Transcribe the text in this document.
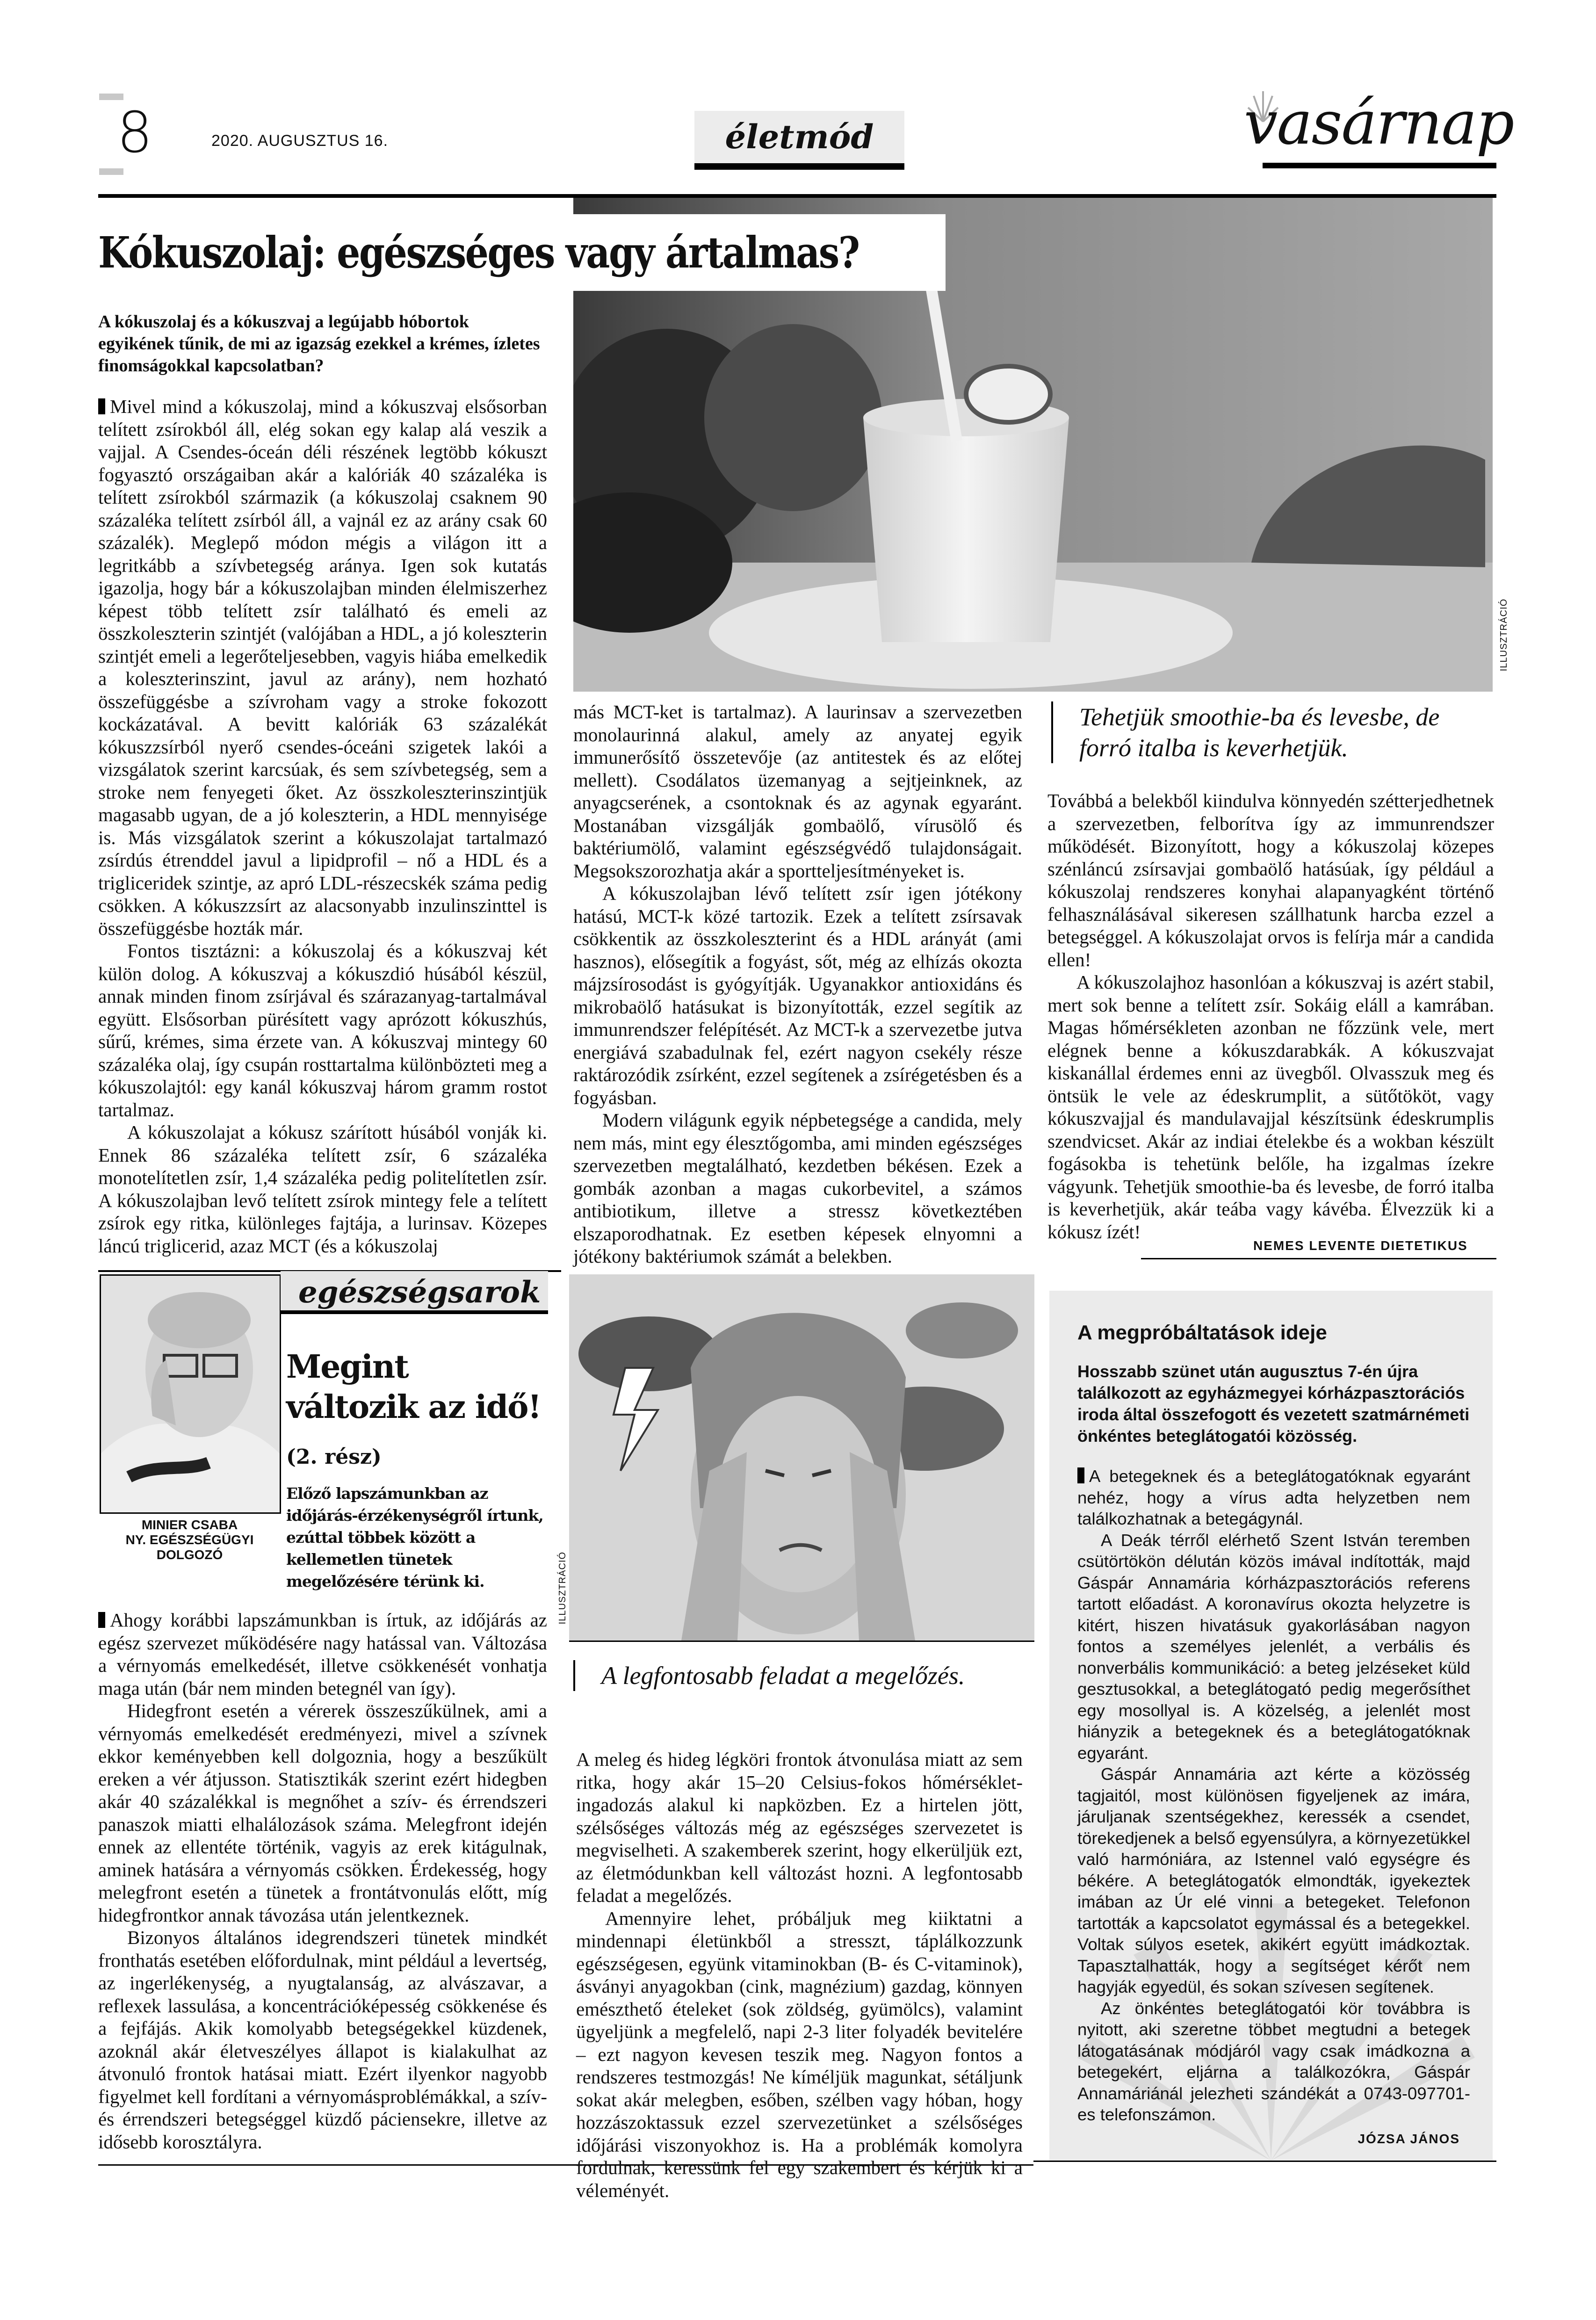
8	2020. AUGUSZTUS 16.	életmód	vasárnap
ILLUSZTRÁCIÓ
Kókuszolaj: egészséges vagy ártalmas?
A kókuszolaj és a kókuszvaj a legújabb hóbortok egyikének tűnik, de mi az igazság ezekkel a krémes, ízletes finomságokkal kapcsolatban?

Mivel mind a kókuszolaj, mind a kókuszvaj elsősorban telített zsírokból áll, elég sokan egy kalap alá veszik a vajjal. A Csendes-óceán déli részének legtöbb kókuszt fogyasztó országaiban akár a kalóriák 40 százaléka is telített zsírokból származik (a kókuszolaj csaknem 90 százaléka telített zsírból áll, a vajnál ez az arány csak 60 százalék). Meglepő módon mégis a világon itt a legritkább a szívbetegség aránya. Igen sok kutatás igazolja, hogy bár a kókuszolajban minden élelmiszerhez képest több telített zsír található és emeli az összkoleszterin szintjét (valójában a HDL, a jó koleszterin szintjét emeli a legerőteljesebben, vagyis hiába emelkedik a koleszterinszint, javul az arány), nem hozható összefüggésbe a szívroham vagy a stroke fokozott kockázatával. A bevitt kalóriák 63 százalékát kókuszzsírból nyerő csendes-óceáni szigetek lakói a vizsgálatok szerint karcsúak, és sem szívbetegség, sem a stroke nem fenyegeti őket. Az összkoleszterinszintjük magasabb ugyan, de a jó koleszterin, a HDL mennyisége is. Más vizsgálatok szerint a kókuszolajat tartalmazó zsírdús étrenddel javul a lipidprofil – nő a HDL és a trigliceridek szintje, az apró LDL-részecskék száma pedig csökken. A kókuszzsírt az alacsonyabb inzulinszinttel is összefüggésbe hozták már.

Fontos tisztázni: a kókuszolaj és a kókuszvaj két külön dolog. A kókuszvaj a kókuszdió húsából készül, annak minden finom zsírjával és szárazanyag-tartalmával együtt. Elsősorban pürésített vagy aprózott kókuszhús, sűrű, krémes, sima érzete van. A kókuszvaj mintegy 60 százaléka olaj, így csupán rosttartalma különbözteti meg a kókuszolajtól: egy kanál kókuszvaj három gramm rostot tartalmaz.

A kókuszolajat a kókusz szárított húsából vonják ki. Ennek 86 százaléka telített zsír, 6 százaléka monotelítetlen zsír, 1,4 százaléka pedig politelítetlen zsír. A kókuszolajban levő telített zsírok mintegy fele a telített zsírok egy ritka, különleges fajtája, a lurinsav. Közepes láncú triglicerid, azaz MCT (és a kókuszolaj

más MCT-ket is tartalmaz). A laurinsav a szervezetben monolaurinná alakul, amely az anyatej egyik immunerősítő összetevője (az antitestek és az előtej mellett). Csodálatos üzemanyag a sejtjeinknek, az anyagcserének, a csontoknak és az agynak egyaránt. Mostanában vizsgálják gombaölő, vírusölő és baktériumölő, valamint egészségvédő tulajdonságait. Megsokszorozhatja akár a sportteljesítményeket is.

A kókuszolajban lévő telített zsír igen jótékony hatású, MCT-k közé tartozik. Ezek a telített zsírsavak csökkentik az összkoleszterint és a HDL arányát (ami hasznos), elősegítik a fogyást, sőt, még az elhízás okozta májzsírosodást is gyógyítják. Ugyanakkor antioxidáns és mikrobaölő hatásukat is bizonyították, ezzel segítik az immunrendszer felépítését. Az MCT-k a szervezetbe jutva energiává szabadulnak fel, ezért nagyon csekély része raktározódik zsírként, ezzel segítenek a zsírégetésben és a fogyásban.

Modern világunk egyik népbetegsége a candida, mely nem más, mint egy élesztőgomba, ami minden egészséges szervezetben megtalálható, kezdetben békésen. Ezek a gombák azonban a magas cukorbevitel, a számos antibiotikum, illetve a stressz következtében elszaporodhatnak. Ez esetben képesek elnyomni a jótékony baktériumok számát a belekben.

Tehetjük smoothie-ba és levesbe, de forró italba is keverhetjük.

Továbbá a belekből kiindulva könnyedén szétterjedhetnek a szervezetben, felborítva így az immunrendszer működését. Bizonyított, hogy a kókuszolaj közepes szénláncú zsírsavjai gombaölő hatásúak, így például a kókuszolaj rendszeres konyhai alapanyagként történő felhasználásával sikeresen szállhatunk harcba ezzel a betegséggel. A kókuszolajat orvos is felírja már a candida ellen!

A kókuszolajhoz hasonlóan a kókuszvaj is azért stabil, mert sok benne a telített zsír. Sokáig eláll a kamrában. Magas hőmérsékleten azonban ne főzzünk vele, mert elégnek benne a kókuszdarabkák. A kókuszvajat kiskanállal érdemes enni az üvegből. Olvasszuk meg és öntsük le vele az édeskrumplit, a sütőtököt, vagy kókuszvajjal és mandulavajjal készítsünk édeskrumplis szendvicset. Akár az indiai ételekbe és a wokban készült fogásokba is tehetünk belőle, ha izgalmas ízekre vágyunk. Tehetjük smoothie-ba és levesbe, de forró italba is keverhetjük, akár teába vagy kávéba. Élvezzük ki a kókusz ízét!

NEMES LEVENTE DIETETIKUS
MINIER CSABA
NY. EGÉSZSÉGÜGYI
DOLGOZÓ
egészségsarok
Megint változik az idő!
(2. rész)
Előző lapszámunkban az időjárás-érzékenységről írtunk, ezúttal többek között a kellemetlen tünetek megelőzésére térünk ki.

Ahogy korábbi lapszámunkban is írtuk, az időjárás az egész szervezet működésére nagy hatással van. Változása a vérnyomás emelkedését, illetve csökkenését vonhatja maga után (bár nem minden betegnél van így).

Hidegfront esetén a vérerek összeszűkülnek, ami a vérnyomás emelkedését eredményezi, mivel a szívnek ekkor keményebben kell dolgoznia, hogy a beszűkült ereken a vér átjusson. Statisztikák szerint ezért hidegben akár 40 százalékkal is megnőhet a szív- és érrendszeri panaszok miatti elhalálozások száma. Melegfront idején ennek az ellentéte történik, vagyis az erek kitágulnak, aminek hatására a vérnyomás csökken. Érdekesség, hogy melegfront esetén a tünetek a frontátvonulás előtt, míg hidegfrontkor annak távozása után jelentkeznek.

Bizonyos általános idegrendszeri tünetek mindkét fronthatás esetében előfordulnak, mint például a levertség, az ingerlékenység, a nyugtalanság, az alvászavar, a reflexek lassulása, a koncentrációképesség csökkenése és a fejfájás. Akik komolyabb betegségekkel küzdenek, azoknál akár életveszélyes állapot is kialakulhat az átvonuló frontok hatásai miatt. Ezért ilyenkor nagyobb figyelmet kell fordítani a vérnyomásproblémákkal, a szív- és érrendszeri betegséggel küzdő páciensekre, illetve az idősebb korosztályra.

ILLUSZTRÁCIÓ
A legfontosabb feladat a megelőzés.

A meleg és hideg légköri frontok átvonulása miatt az sem ritka, hogy akár 15–20 Celsius-fokos hőmérséklet-ingadozás alakul ki napközben. Ez a hirtelen jött, szélsőséges változás még az egészséges szervezetet is megviselheti. A szakemberek szerint, hogy elkerüljük ezt, az életmódunkban kell változást hozni. A legfontosabb feladat a megelőzés.

Amennyire lehet, próbáljuk meg kiiktatni a mindennapi életünkből a stresszt, táplálkozzunk egészségesen, együnk vitaminokban (B- és C-vitaminok), ásványi anyagokban (cink, magnézium) gazdag, könnyen emészthető ételeket (sok zöldség, gyümölcs), valamint ügyeljünk a megfelelő, napi 2-3 liter folyadék bevitelére – ezt nagyon kevesen teszik meg. Nagyon fontos a rendszeres testmozgás! Ne kíméljük magunkat, sétáljunk sokat akár melegben, esőben, szélben vagy hóban, hogy hozzászoktassuk ezzel szervezetünket a szélsőséges időjárási viszonyokhoz is. Ha a problémák komolyra fordulnak, keressünk fel egy szakembert és kérjük ki a véleményét.

A megpróbáltatások ideje
Hosszabb szünet után augusztus 7-én újra találkozott az egyházmegyei kórházpasztorációs iroda által összefogott és vezetett szatmárnémeti önkéntes beteglátogatói közösség.

A betegeknek és a beteglátogatóknak egyaránt nehéz, hogy a vírus adta helyzetben nem találkozhatnak a betegágynál.

A Deák térről elérhető Szent István teremben csütörtökön délután közös imával indították, majd Gáspár Annamária kórházpasztorációs referens tartott előadást. A koronavírus okozta helyzetre is kitért, hiszen hivatásuk gyakorlásában nagyon fontos a személyes jelenlét, a verbális és nonverbális kommunikáció: a beteg jelzéseket küld gesztusokkal, a beteglátogató pedig megerősíthet egy mosollyal is. A közelség, a jelenlét most hiányzik a betegeknek és a beteglátogatóknak egyaránt.

Gáspár Annamária azt kérte a közösség tagjaitól, most különösen figyeljenek az imára, járuljanak szentségekhez, keressék a csendet, törekedjenek a belső egyensúlyra, a környezetükkel való harmóniára, az Istennel való egységre és békére. A beteglátogatók elmondták, igyekeztek imában az Úr elé vinni a betegeket. Telefonon tartották a kapcsolatot egymással és a betegekkel. Voltak súlyos esetek, akikért együtt imádkoztak. Tapasztalhatták, hogy a segítséget kérőt nem hagyják egyedül, és sokan szívesen segítenek.

Az önkéntes beteglátogatói kör továbbra is nyitott, aki szeretne többet megtudni a betegek látogatásának módjáról vagy csak imádkozna a betegekért, eljárna a találkozókra, Gáspár Annamáriánál jelezheti szándékát a 0743-097701-es telefonszámon.

JÓZSA JÁNOS
